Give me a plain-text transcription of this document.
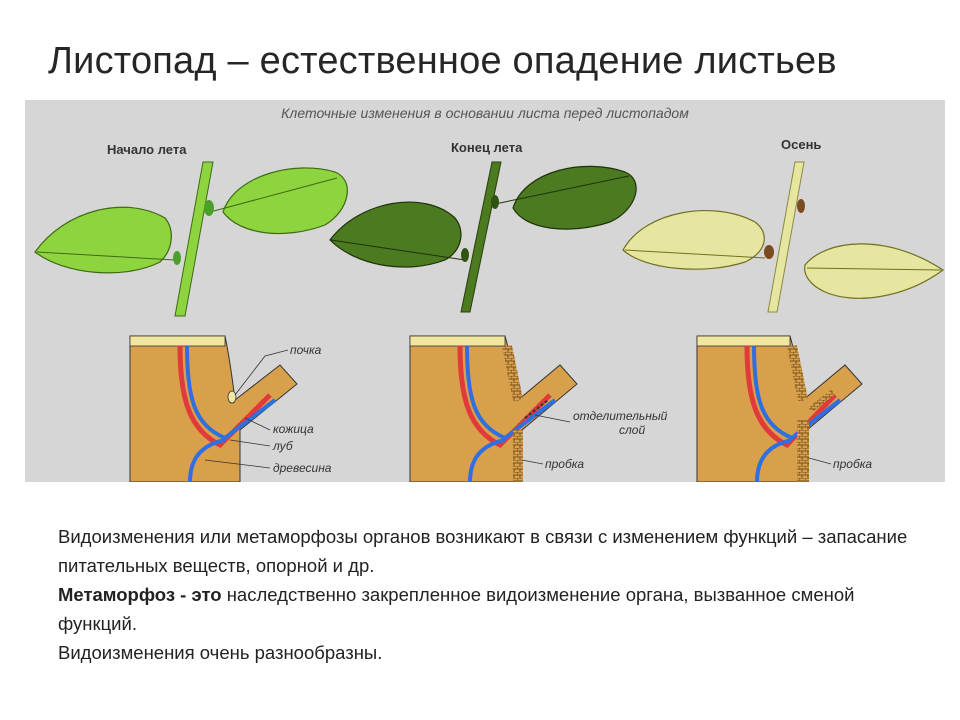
Листопад – естественное опадение листьев
Клеточные изменения в основании листа перед листопадом
Начало лета	Конец лета	Осень
почка
кожица
луб
древесина
отделительный
слой
пробка	пробка

Видоизменения или метаморфозы органов возникают в связи с изменением функций – запасание питательных веществ, опорной и др.

Метаморфоз - это наследственно закрепленное видоизменение органа, вызванное сменой функций.

Видоизменения очень разнообразны.
